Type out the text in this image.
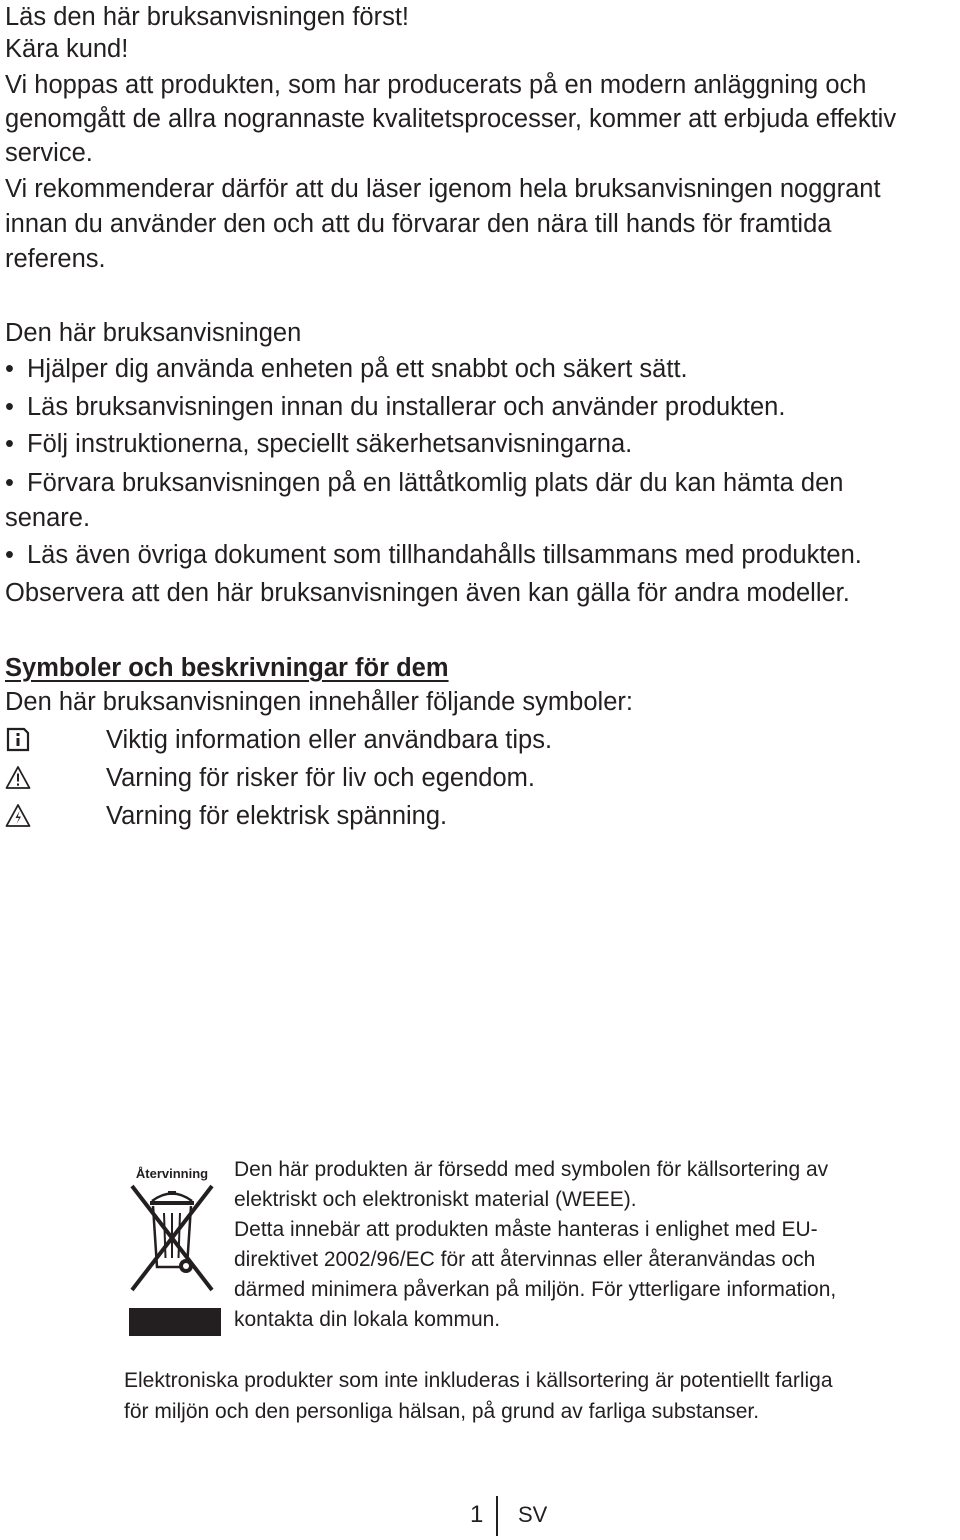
Läs den här bruksanvisningen först!

Kära kund!

Vi hoppas att produkten, som har producerats på en modern anläggning och

genomgått de allra nogrannaste kvalitetsprocesser, kommer att erbjuda effektiv

service.

Vi rekommenderar därför att du läser igenom hela bruksanvisningen noggrant

innan du använder den och att du förvarar den nära till hands för framtida

referens.

Den här bruksanvisningen

• Hjälper dig använda enheten på ett snabbt och säkert sätt.

• Läs bruksanvisningen innan du installerar och använder produkten.

• Följ instruktionerna, speciellt säkerhetsanvisningarna.

• Förvara bruksanvisningen på en lättåtkomlig plats där du kan hämta den

senare.

• Läs även övriga dokument som tillhandahålls tillsammans med produkten.

Observera att den här bruksanvisningen även kan gälla för andra modeller.

Symboler och beskrivningar för dem

Den här bruksanvisningen innehåller följande symboler:

Viktig information eller användbara tips.
Varning för risker för liv och egendom.
Varning för elektrisk spänning.
Återvinning Den här produkten är försedd med symbolen för källsortering av

elektriskt och elektroniskt material (WEEE).

Detta innebär att produkten måste hanteras i enlighet med EU-

direktivet 2002/96/EC för att återvinnas eller återanvändas och

därmed minimera påverkan på miljön. För ytterligare information,

kontakta din lokala kommun.

Elektroniska produkter som inte inkluderas i källsortering är potentiellt farliga

för miljön och den personliga hälsan, på grund av farliga substanser.

1 SV
